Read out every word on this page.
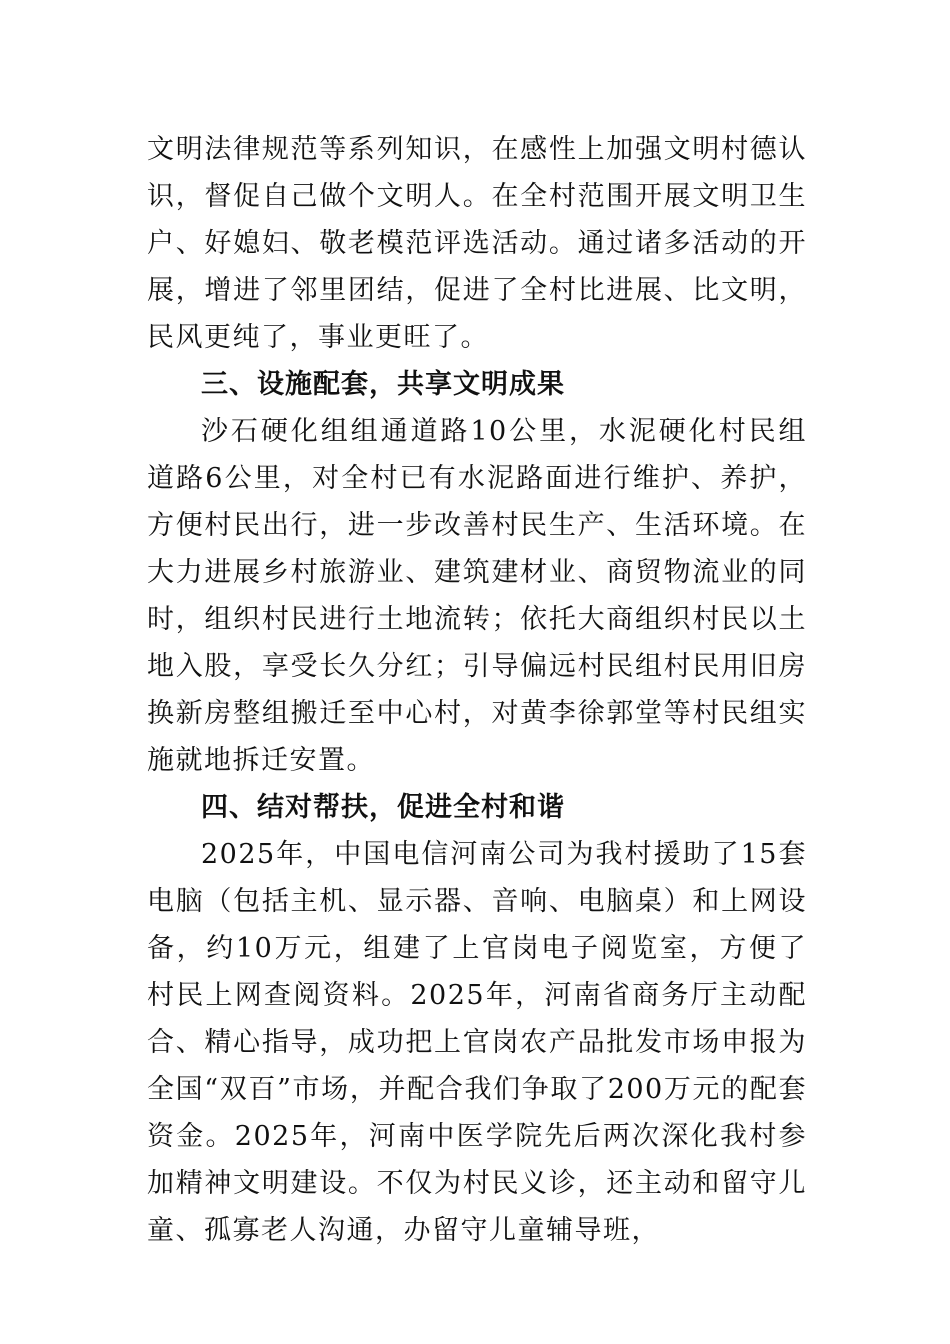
文明法律规范等系列知识，在感性上加强文明村德认识，督促自己做个文明人。在全村范围开展文明卫生户、好媳妇、敬老模范评选活动。通过诸多活动的开展，增进了邻里团结，促进了全村比进展、比文明，民风更纯了，事业更旺了。

三、设施配套，共享文明成果

沙石硬化组组通道路10公里，水泥硬化村民组道路6公里，对全村已有水泥路面进行维护、养护，方便村民出行，进一步改善村民生产、生活环境。在大力进展乡村旅游业、建筑建材业、商贸物流业的同时，组织村民进行土地流转；依托大商组织村民以土地入股，享受长久分红；引导偏远村民组村民用旧房换新房整组搬迁至中心村，对黄李徐郭堂等村民组实施就地拆迁安置。

四、结对帮扶，促进全村和谐

2025年，中国电信河南公司为我村援助了15套电脑（包括主机、显示器、音响、电脑桌）和上网设备，约10万元，组建了上官岗电子阅览室，方便了村民上网查阅资料。2025年，河南省商务厅主动配合、精心指导，成功把上官岗农产品批发市场申报为全国“双百”市场，并配合我们争取了200万元的配套资金。2025年，河南中医学院先后两次深化我村参加精神文明建设。不仅为村民义诊，还主动和留守儿童、孤寡老人沟通，办留守儿童辅导班，
